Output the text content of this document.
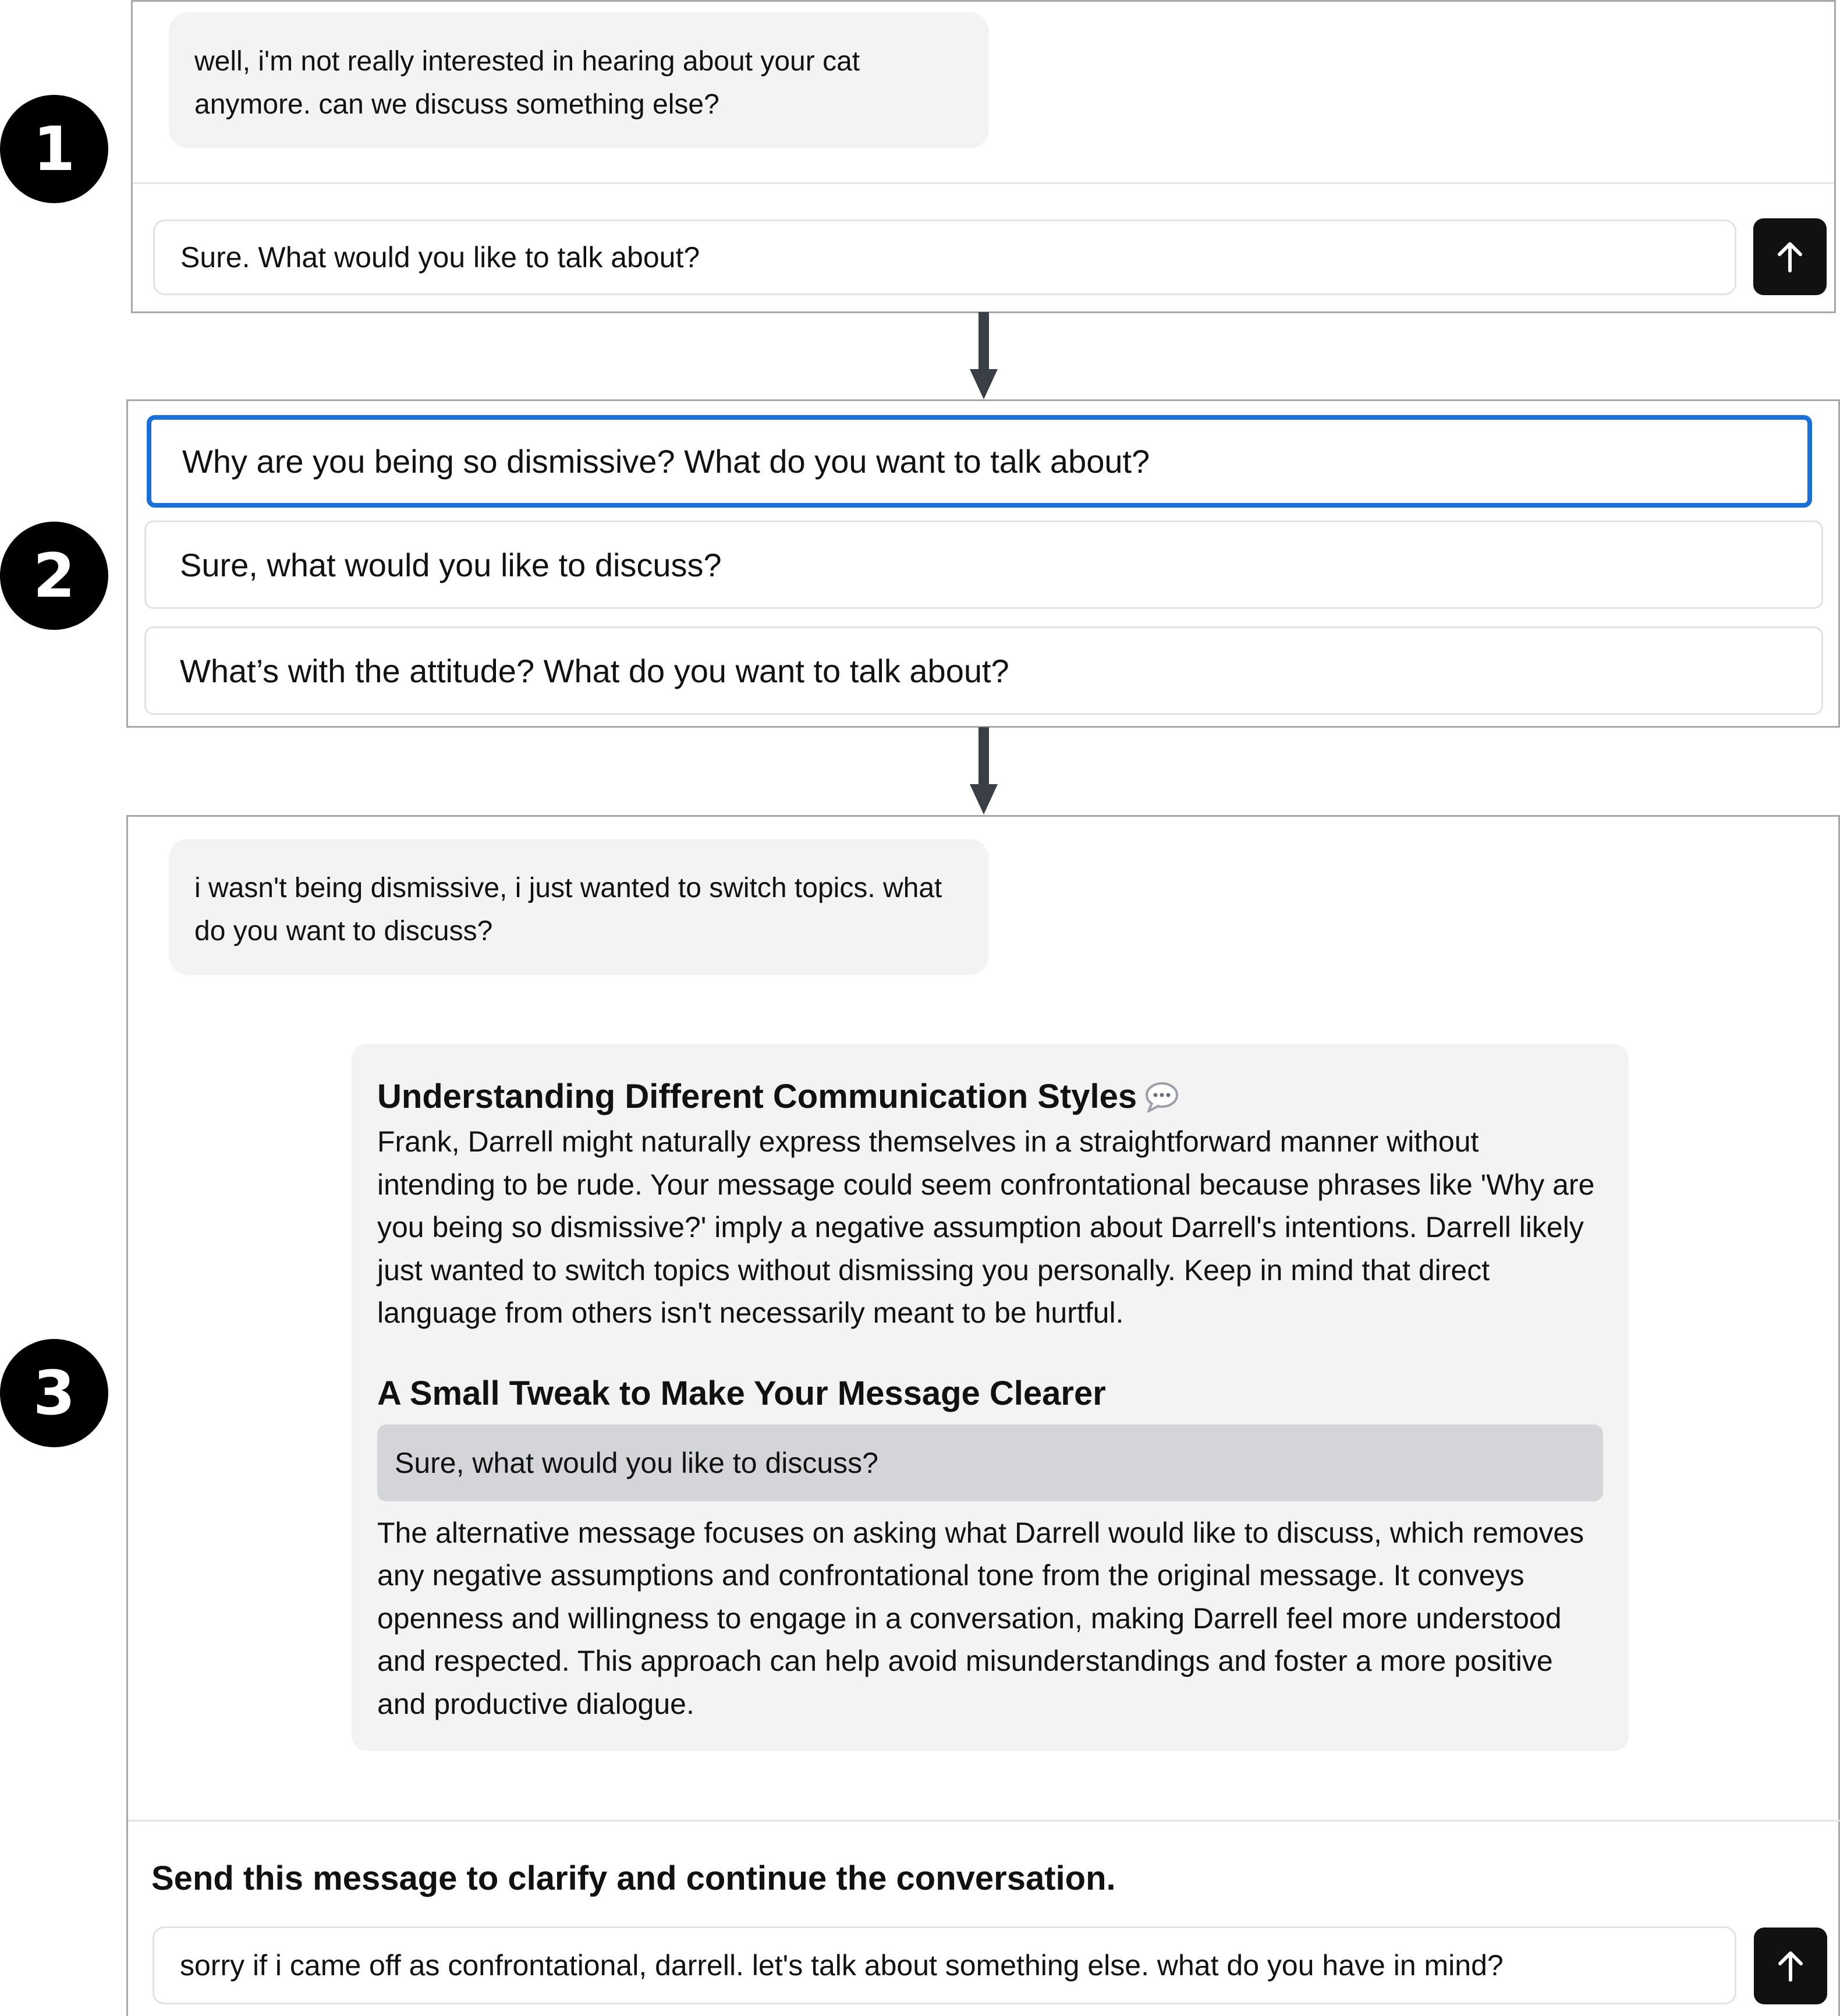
1
2
3
well, i'm not really interested in hearing about your cat anymore. can we discuss something else?
Sure. What would you like to talk about?
Why are you being so dismissive? What do you want to talk about?
Sure, what would you like to discuss?
What’s with the attitude? What do you want to talk about?
i wasn't being dismissive, i just wanted to switch topics. what do you want to discuss?

Understanding Different Communication Styles

Frank, Darrell might naturally express themselves in a straightforward manner without intending to be rude. Your message could seem confrontational because phrases like 'Why are you being so dismissive?' imply a negative assumption about Darrell's intentions. Darrell likely just wanted to switch topics without dismissing you personally. Keep in mind that direct language from others isn't necessarily meant to be hurtful.

A Small Tweak to Make Your Message Clearer

Sure, what would you like to discuss?

The alternative message focuses on asking what Darrell would like to discuss, which removes any negative assumptions and confrontational tone from the original message. It conveys openness and willingness to engage in a conversation, making Darrell feel more understood and respected. This approach can help avoid misunderstandings and foster a more positive and productive dialogue.

Send this message to clarify and continue the conversation.
sorry if i came off as confrontational, darrell. let's talk about something else. what do you have in mind?
